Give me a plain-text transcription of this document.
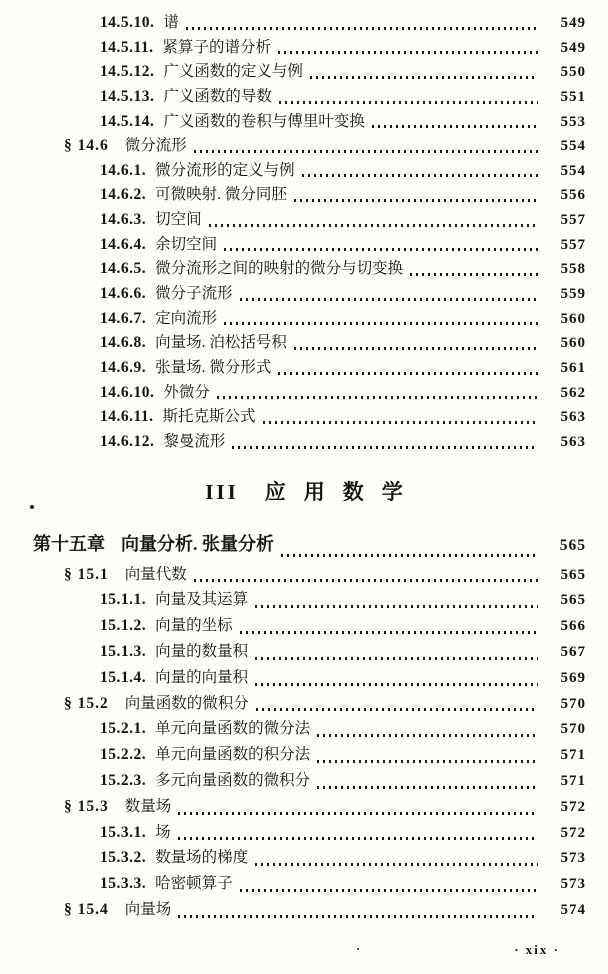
14.5.10. 谱	549
14.5.11. 紧算子的谱分析	549
14.5.12. 广义函数的定义与例	550
14.5.13. 广义函数的导数	551
14.5.14. 广义函数的卷积与傅里叶变换	553
§ 14.6 微分流形	554
14.6.1. 微分流形的定义与例	554
14.6.2. 可微映射. 微分同胚	556
14.6.3. 切空间	557
14.6.4. 余切空间	557
14.6.5. 微分流形之间的映射的微分与切变换	558
14.6.6. 微分子流形	559
14.6.7. 定向流形	560
14.6.8. 向量场. 泊松括号积	560
14.6.9. 张量场. 微分形式	561
14.6.10. 外微分	562
14.6.11. 斯托克斯公式	563
14.6.12. 黎曼流形	563
III 应用数学
第十五章 向量分析. 张量分析	565
§ 15.1 向量代数	565
15.1.1. 向量及其运算	565
15.1.2. 向量的坐标	566
15.1.3. 向量的数量积	567
15.1.4. 向量的向量积	569
§ 15.2 向量函数的微积分	570
15.2.1. 单元向量函数的微分法	570
15.2.2. 单元向量函数的积分法	571
15.2.3. 多元向量函数的微积分	571
§ 15.3 数量场	572
15.3.1. 场	572
15.3.2. 数量场的梯度	573
15.3.3. 哈密顿算子	573
§ 15.4 向量场	574
· xix ·
